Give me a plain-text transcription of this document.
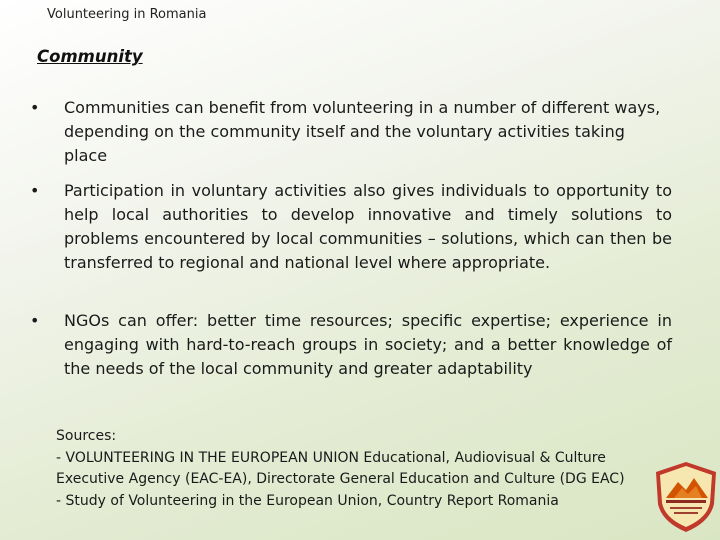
Volunteering in Romania
Community
• Communities can benefit from volunteering in a number of different ways, depending on the community itself and the voluntary activities taking place
• Participation in voluntary activities also gives individuals to opportunity to help local authorities to develop innovative and timely solutions to problems encountered by local communities – solutions, which can then be transferred to regional and national level where appropriate.
• NGOs can offer: better time resources; specific expertise; experience in engaging with hard-to-reach groups in society; and a better knowledge of the needs of the local community and greater adaptability
Sources:
- VOLUNTEERING IN THE EUROPEAN UNION Educational, Audiovisual & Culture
Executive Agency (EAC-EA), Directorate General Education and Culture (DG EAC)
- Study of Volunteering in the European Union, Country Report Romania
